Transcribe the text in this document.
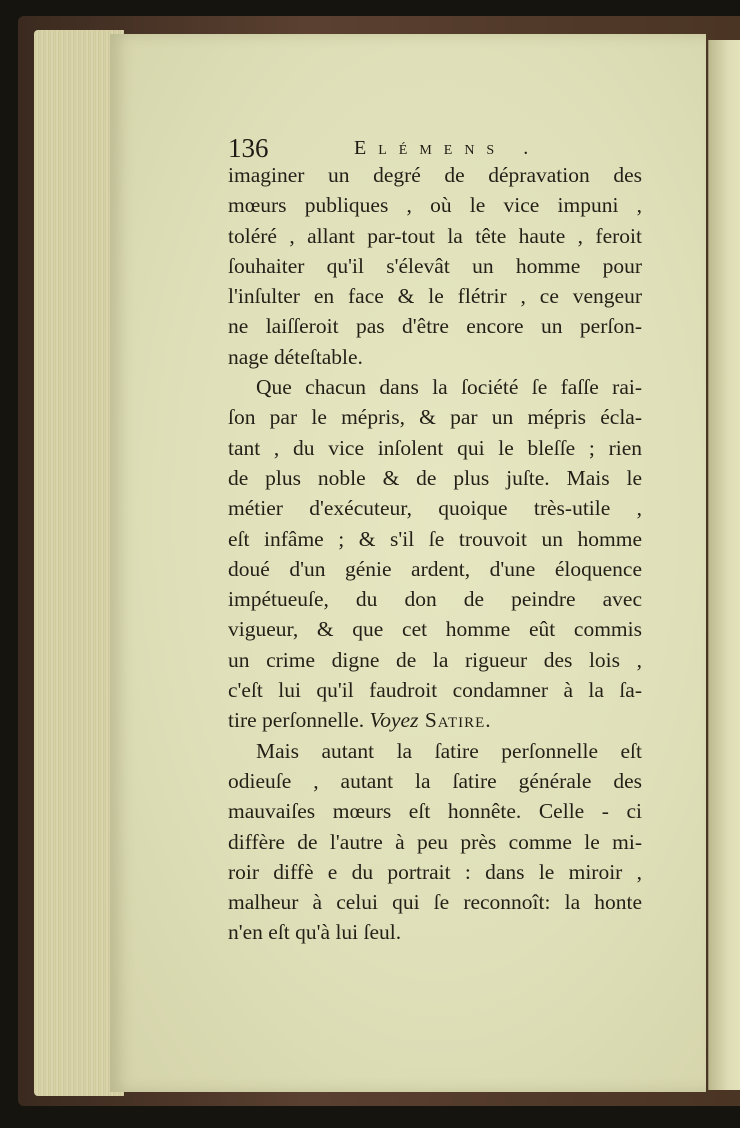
136	Elémens .
imaginer un degré de dépravation des
mœurs publiques , où le vice impuni ,
toléré , allant par-tout la tête haute , feroit
ſouhaiter qu'il s'élevât un homme pour
l'inſulter en face & le flétrir , ce vengeur
ne laiſſeroit pas d'être encore un perſon-
nage déteſtable.
Que chacun dans la ſociété ſe faſſe rai-
ſon par le mépris, & par un mépris écla-
tant , du vice inſolent qui le bleſſe ; rien
de plus noble & de plus juſte. Mais le
métier d'exécuteur, quoique très-utile ,
eſt infâme ; & s'il ſe trouvoit un homme
doué d'un génie ardent, d'une éloquence
impétueuſe, du don de peindre avec
vigueur, & que cet homme eût commis
un crime digne de la rigueur des lois ,
c'eſt lui qu'il faudroit condamner à la ſa-
tire perſonnelle. Voyez Satire.
Mais autant la ſatire perſonnelle eſt
odieuſe , autant la ſatire générale des
mauvaiſes mœurs eſt honnête. Celle - ci
diffère de l'autre à peu près comme le mi-
roir diffè e du portrait : dans le miroir ,
malheur à celui qui ſe reconnoît: la honte
n'en eſt qu'à lui ſeul.
